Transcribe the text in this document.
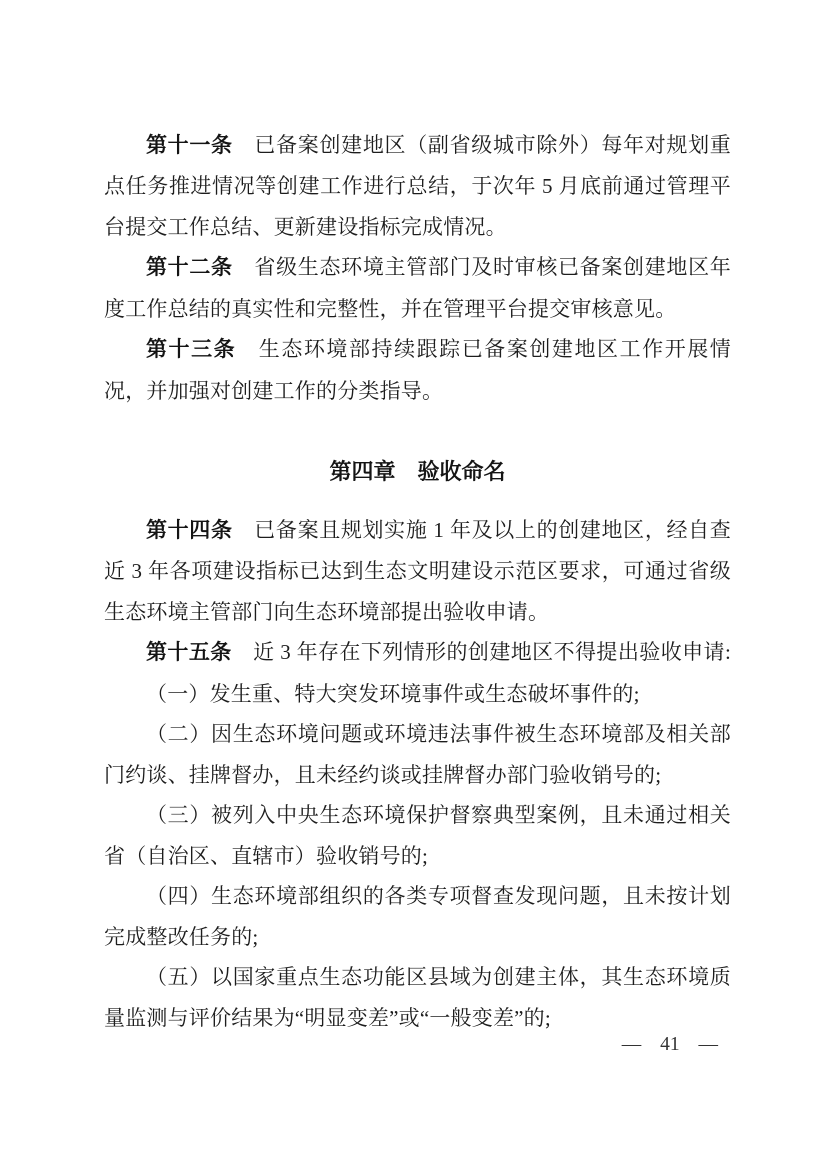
第十一条　已备案创建地区（副省级城市除外）每年对规划重
点任务推进情况等创建工作进行总结，于次年 5 月底前通过管理平
台提交工作总结、更新建设指标完成情况。
第十二条　省级生态环境主管部门及时审核已备案创建地区年
度工作总结的真实性和完整性，并在管理平台提交审核意见。
第十三条　生态环境部持续跟踪已备案创建地区工作开展情
况，并加强对创建工作的分类指导。
第四章　验收命名
第十四条　已备案且规划实施 1 年及以上的创建地区，经自查
近 3 年各项建设指标已达到生态文明建设示范区要求，可通过省级
生态环境主管部门向生态环境部提出验收申请。
第十五条　近 3 年存在下列情形的创建地区不得提出验收申请:
（一）发生重、特大突发环境事件或生态破坏事件的;
（二）因生态环境问题或环境违法事件被生态环境部及相关部
门约谈、挂牌督办，且未经约谈或挂牌督办部门验收销号的;
（三）被列入中央生态环境保护督察典型案例，且未通过相关
省（自治区、直辖市）验收销号的;
（四）生态环境部组织的各类专项督查发现问题，且未按计划
完成整改任务的;
（五）以国家重点生态功能区县域为创建主体，其生态环境质
量监测与评价结果为“明显变差”或“一般变差”的;
— 41 —
